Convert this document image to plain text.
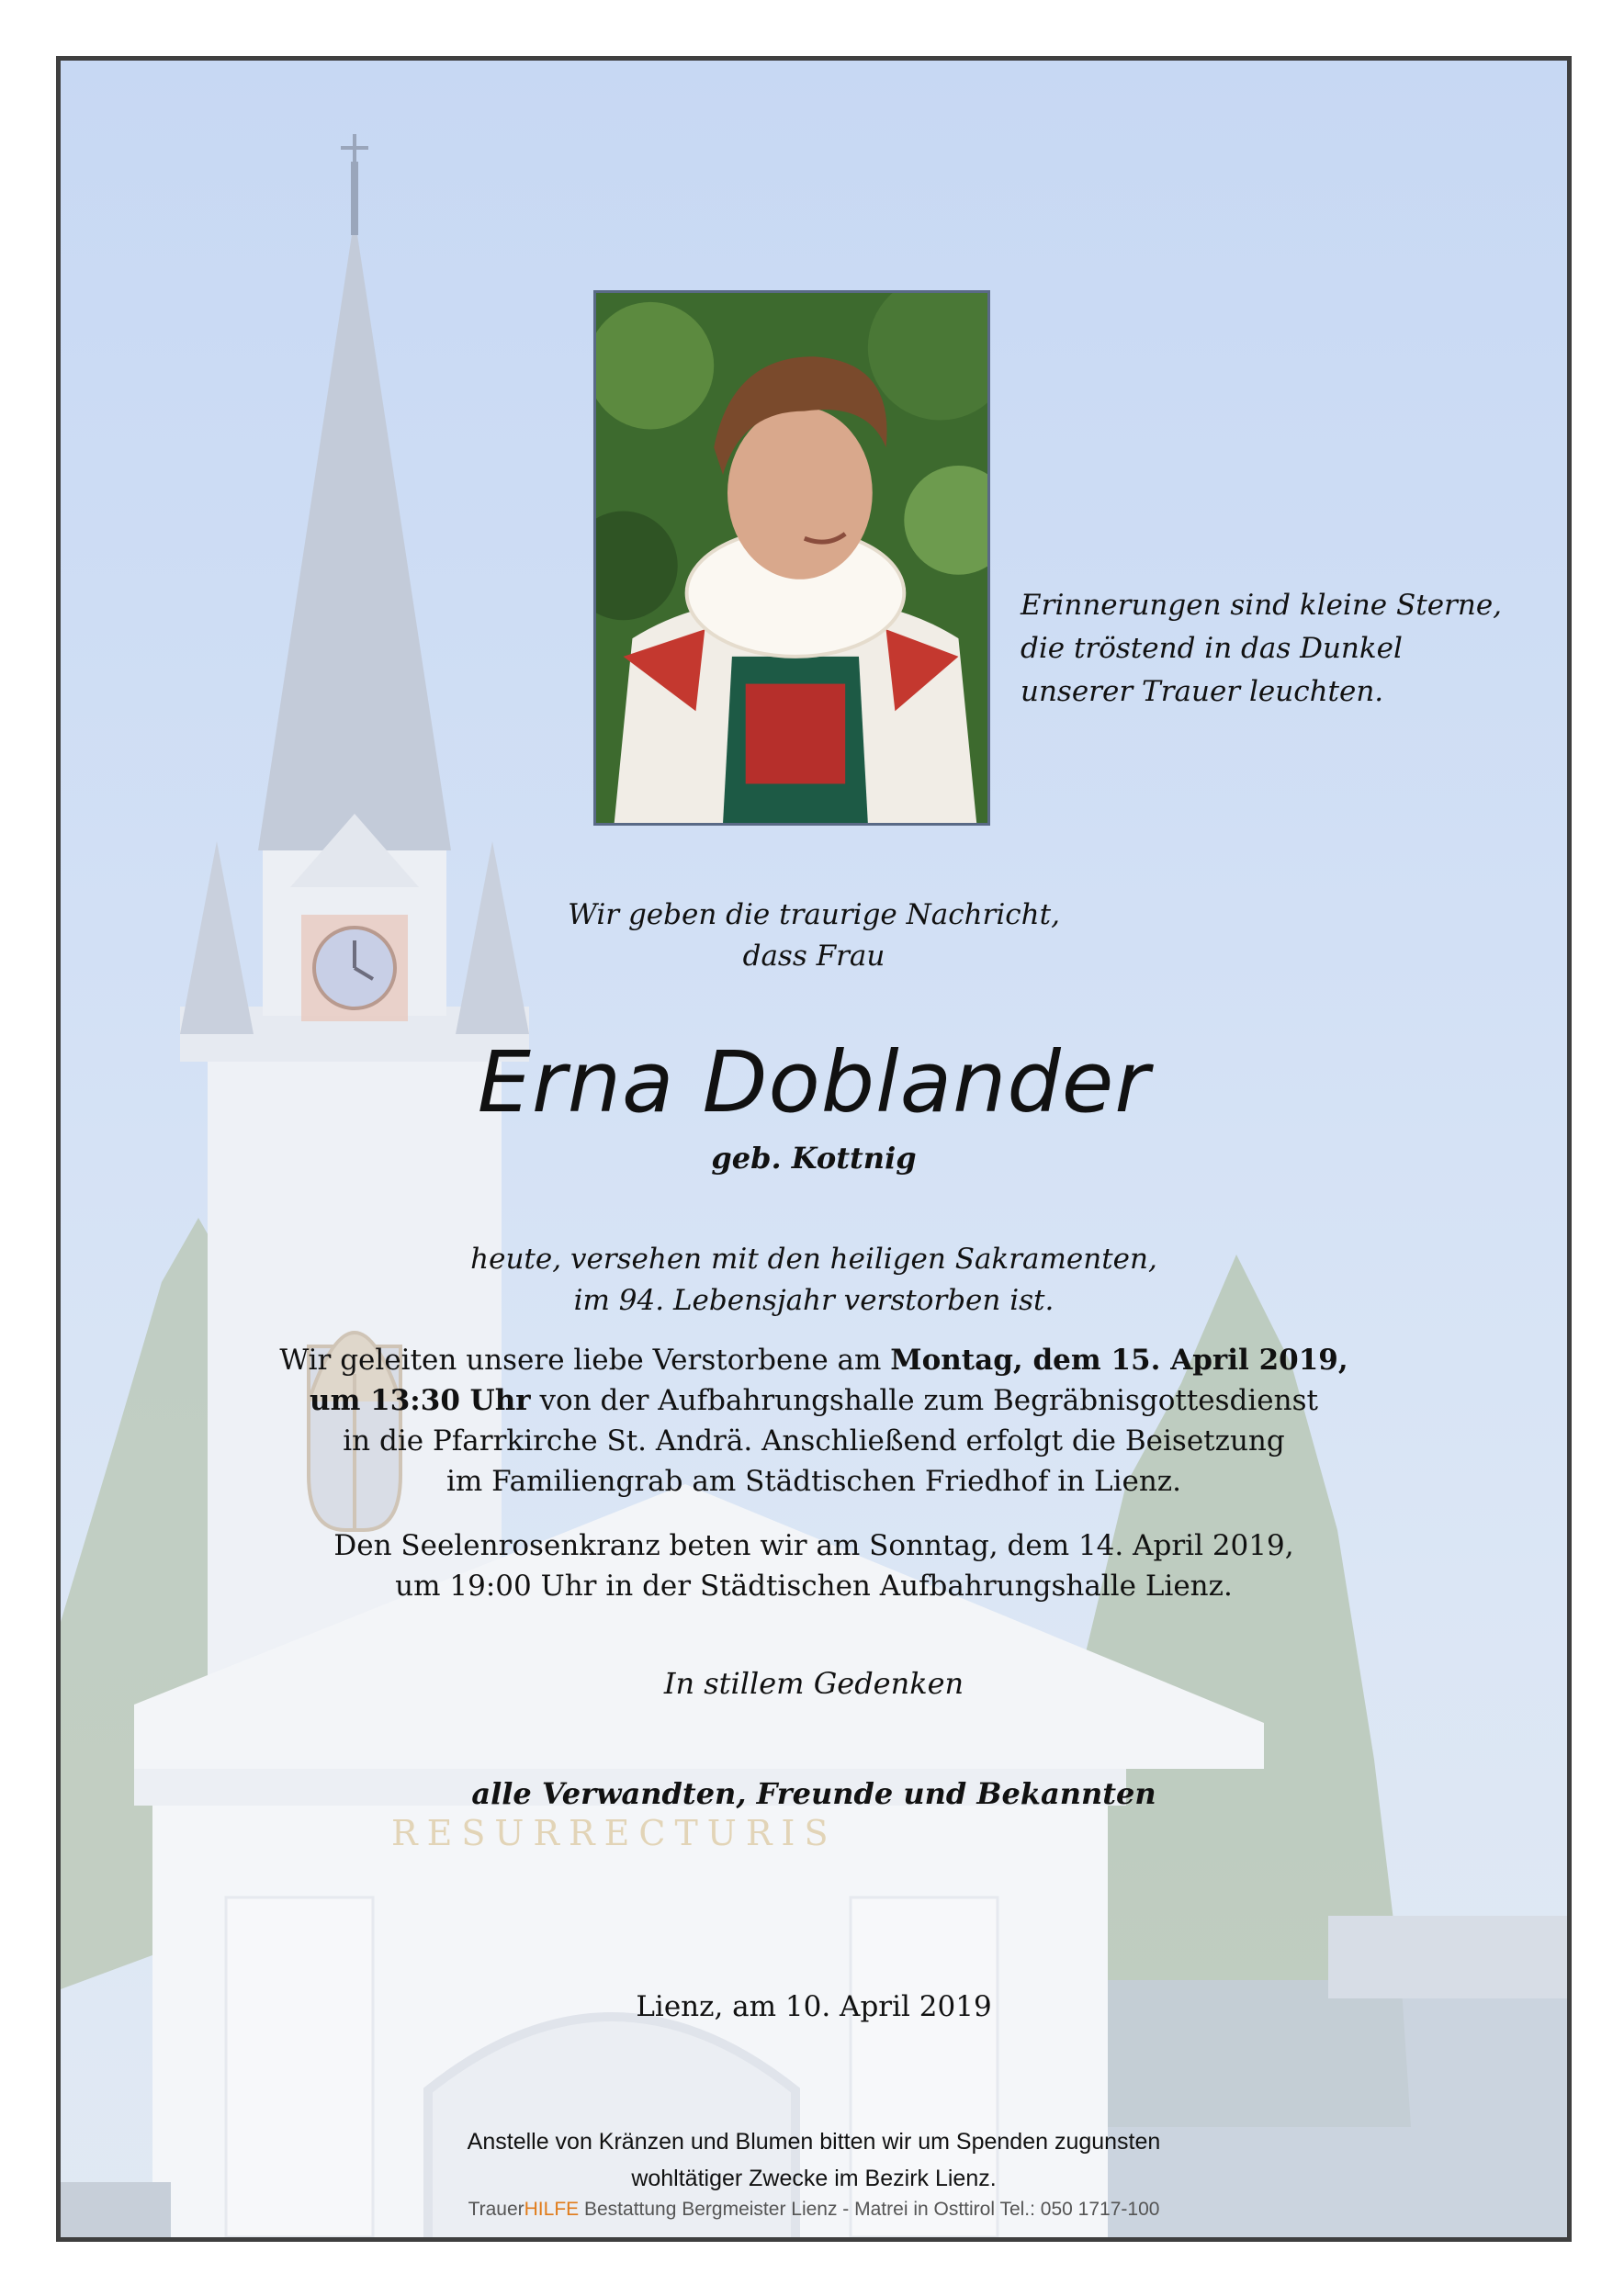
RESURRECTURIS
Erinnerungen sind kleine Sterne,
die tröstend in das Dunkel
unserer Trauer leuchten.
Wir geben die traurige Nachricht,
dass Frau
Erna Doblander
geb. Kottnig
heute, versehen mit den heiligen Sakramenten,
im 94. Lebensjahr verstorben ist.
Wir geleiten unsere liebe Verstorbene am Montag, dem 15. April 2019,
um 13:30 Uhr von der Aufbahrungshalle zum Begräbnisgottesdienst
in die Pfarrkirche St. Andrä. Anschließend erfolgt die Beisetzung
im Familiengrab am Städtischen Friedhof in Lienz.
Den Seelenrosenkranz beten wir am Sonntag, dem 14. April 2019,
um 19:00 Uhr in der Städtischen Aufbahrungshalle Lienz.
In stillem Gedenken
alle Verwandten, Freunde und Bekannten
Lienz, am 10. April 2019
Anstelle von Kränzen und Blumen bitten wir um Spenden zugunsten
wohltätiger Zwecke im Bezirk Lienz.
TrauerHILFE Bestattung Bergmeister Lienz - Matrei in Osttirol Tel.: 050 1717-100
